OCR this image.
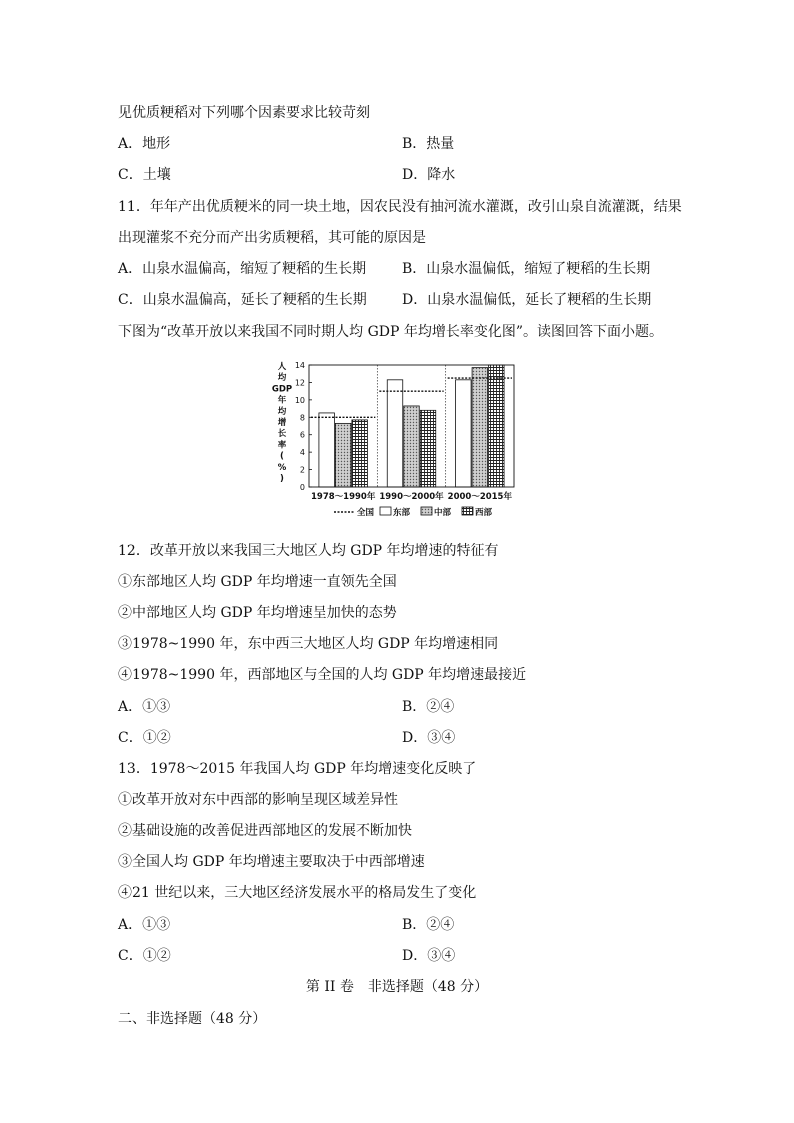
见优质粳稻对下列哪个因素要求比较苛刻
A．地形	B．热量
C．土壤	D．降水
11．年年产出优质粳米的同一块土地，因农民没有抽河流水灌溉，改引山泉自流灌溉，结果
出现灌浆不充分而产出劣质粳稻，其可能的原因是
A．山泉水温偏高，缩短了粳稻的生长期	B．山泉水温偏低，缩短了粳稻的生长期
C．山泉水温偏高，延长了粳稻的生长期	D．山泉水温偏低，延长了粳稻的生长期
下图为“改革开放以来我国不同时期人均 GDP 年均增长率变化图”。读图回答下面小题。
人均 GDP 年均增长率( % )
0
2
4
6
8
10
12
14
1978～1990年 1990～2000年 2000～2015年
全国 东部	中部	西部
12．改革开放以来我国三大地区人均 GDP 年均增速的特征有
①东部地区人均 GDP 年均增速一直领先全国
②中部地区人均 GDP 年均增速呈加快的态势
③1978~1990 年，东中西三大地区人均 GDP 年均增速相同
④1978~1990 年，西部地区与全国的人均 GDP 年均增速最接近
A．①③	B．②④
C．①②	D．③④
13．1978～2015 年我国人均 GDP 年均增速变化反映了
①改革开放对东中西部的影响呈现区域差异性
②基础设施的改善促进西部地区的发展不断加快
③全国人均 GDP 年均增速主要取决于中西部增速
④21 世纪以来，三大地区经济发展水平的格局发生了变化
A．①③	B．②④
C．①②	D．③④
第 II 卷　非选择题（48 分）
二、非选择题（48 分）
